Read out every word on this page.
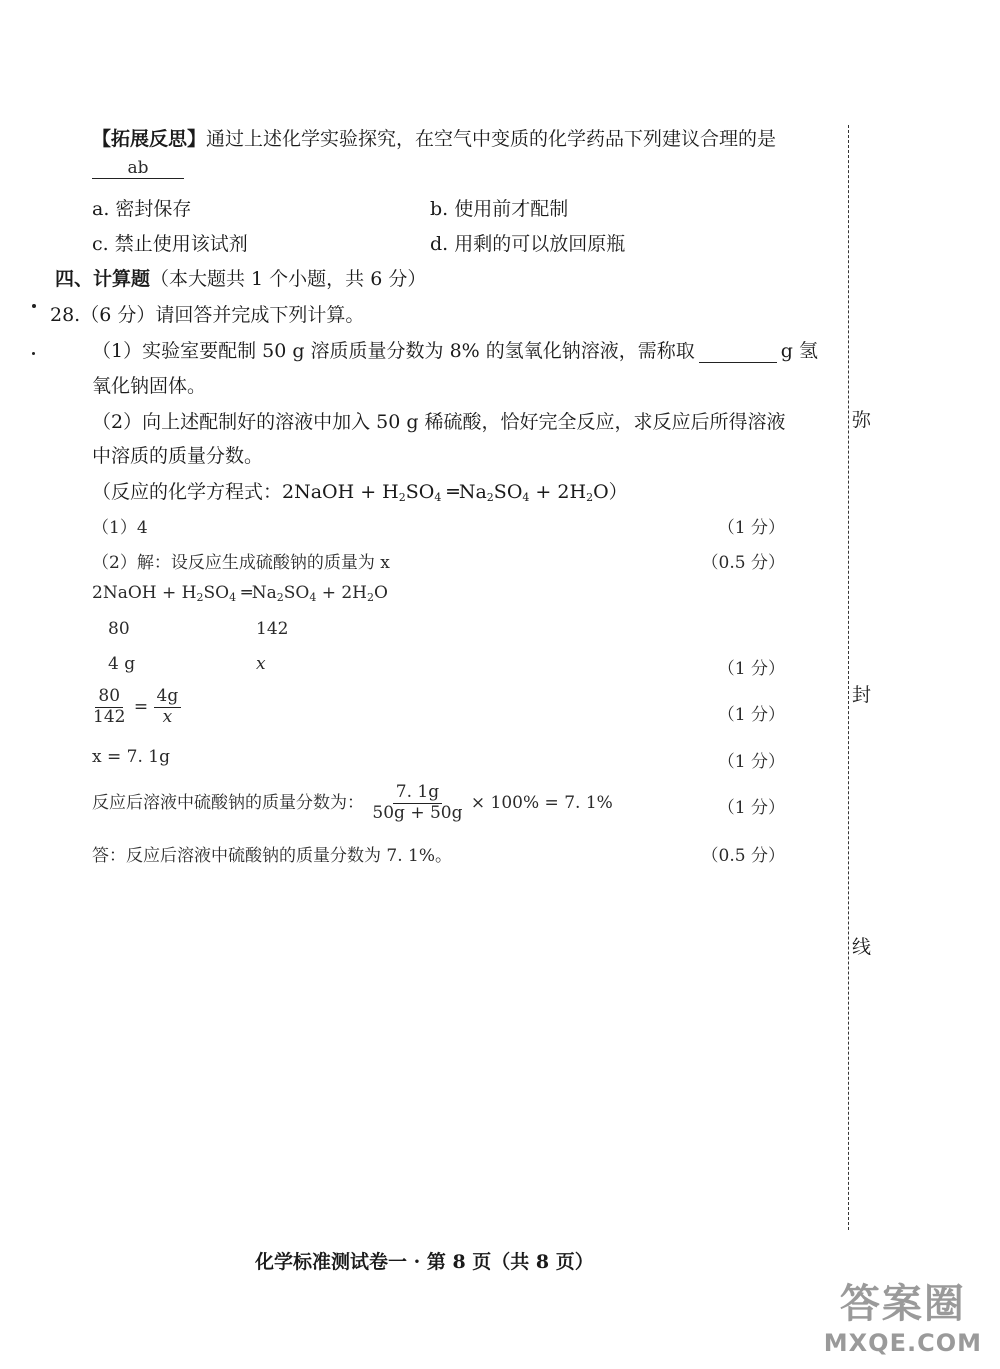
【拓展反思】通过上述化学实验探究，在空气中变质的化学药品下列建议合理的是
ab
a. 密封保存	b. 使用前才配制
c. 禁止使用该试剂	d. 用剩的可以放回原瓶
四、计算题（本大题共 1 个小题，共 6 分）
28.（6 分）请回答并完成下列计算。
（1）实验室要配制 50 g 溶质质量分数为 8% 的氢氧化钠溶液，需称取	g 氢
氧化钠固体。
（2）向上述配制好的溶液中加入 50 g 稀硫酸，恰好完全反应，求反应后所得溶液
中溶质的质量分数。
（反应的化学方程式：2NaOH + $H_2SO_4$ $═Na_2SO_4 + 2H_2O$）
（1）4	（1 分）
（2）解：设反应生成硫酸钠的质量为 x	（0.5 分）
2NaOH + $H_2SO_4$ $═Na_2SO_4 + 2H_2O$
80	142
4 g	x	（1 分）
$\frac{80}{142} = \frac{4g}{x}$	（1 分）
x = 7. 1g	（1 分）
反应后溶液中硫酸钠的质量分数为： $\frac{7. 1g}{50g + 50g} \times 100\% = 7$. 1%	（1 分）
答：反应后溶液中硫酸钠的质量分数为 7. 1%。	（0.5 分）
弥
封
线
化学标准测试卷一 · 第 8 页（共 8 页）
答案圈
MXQE.COM
